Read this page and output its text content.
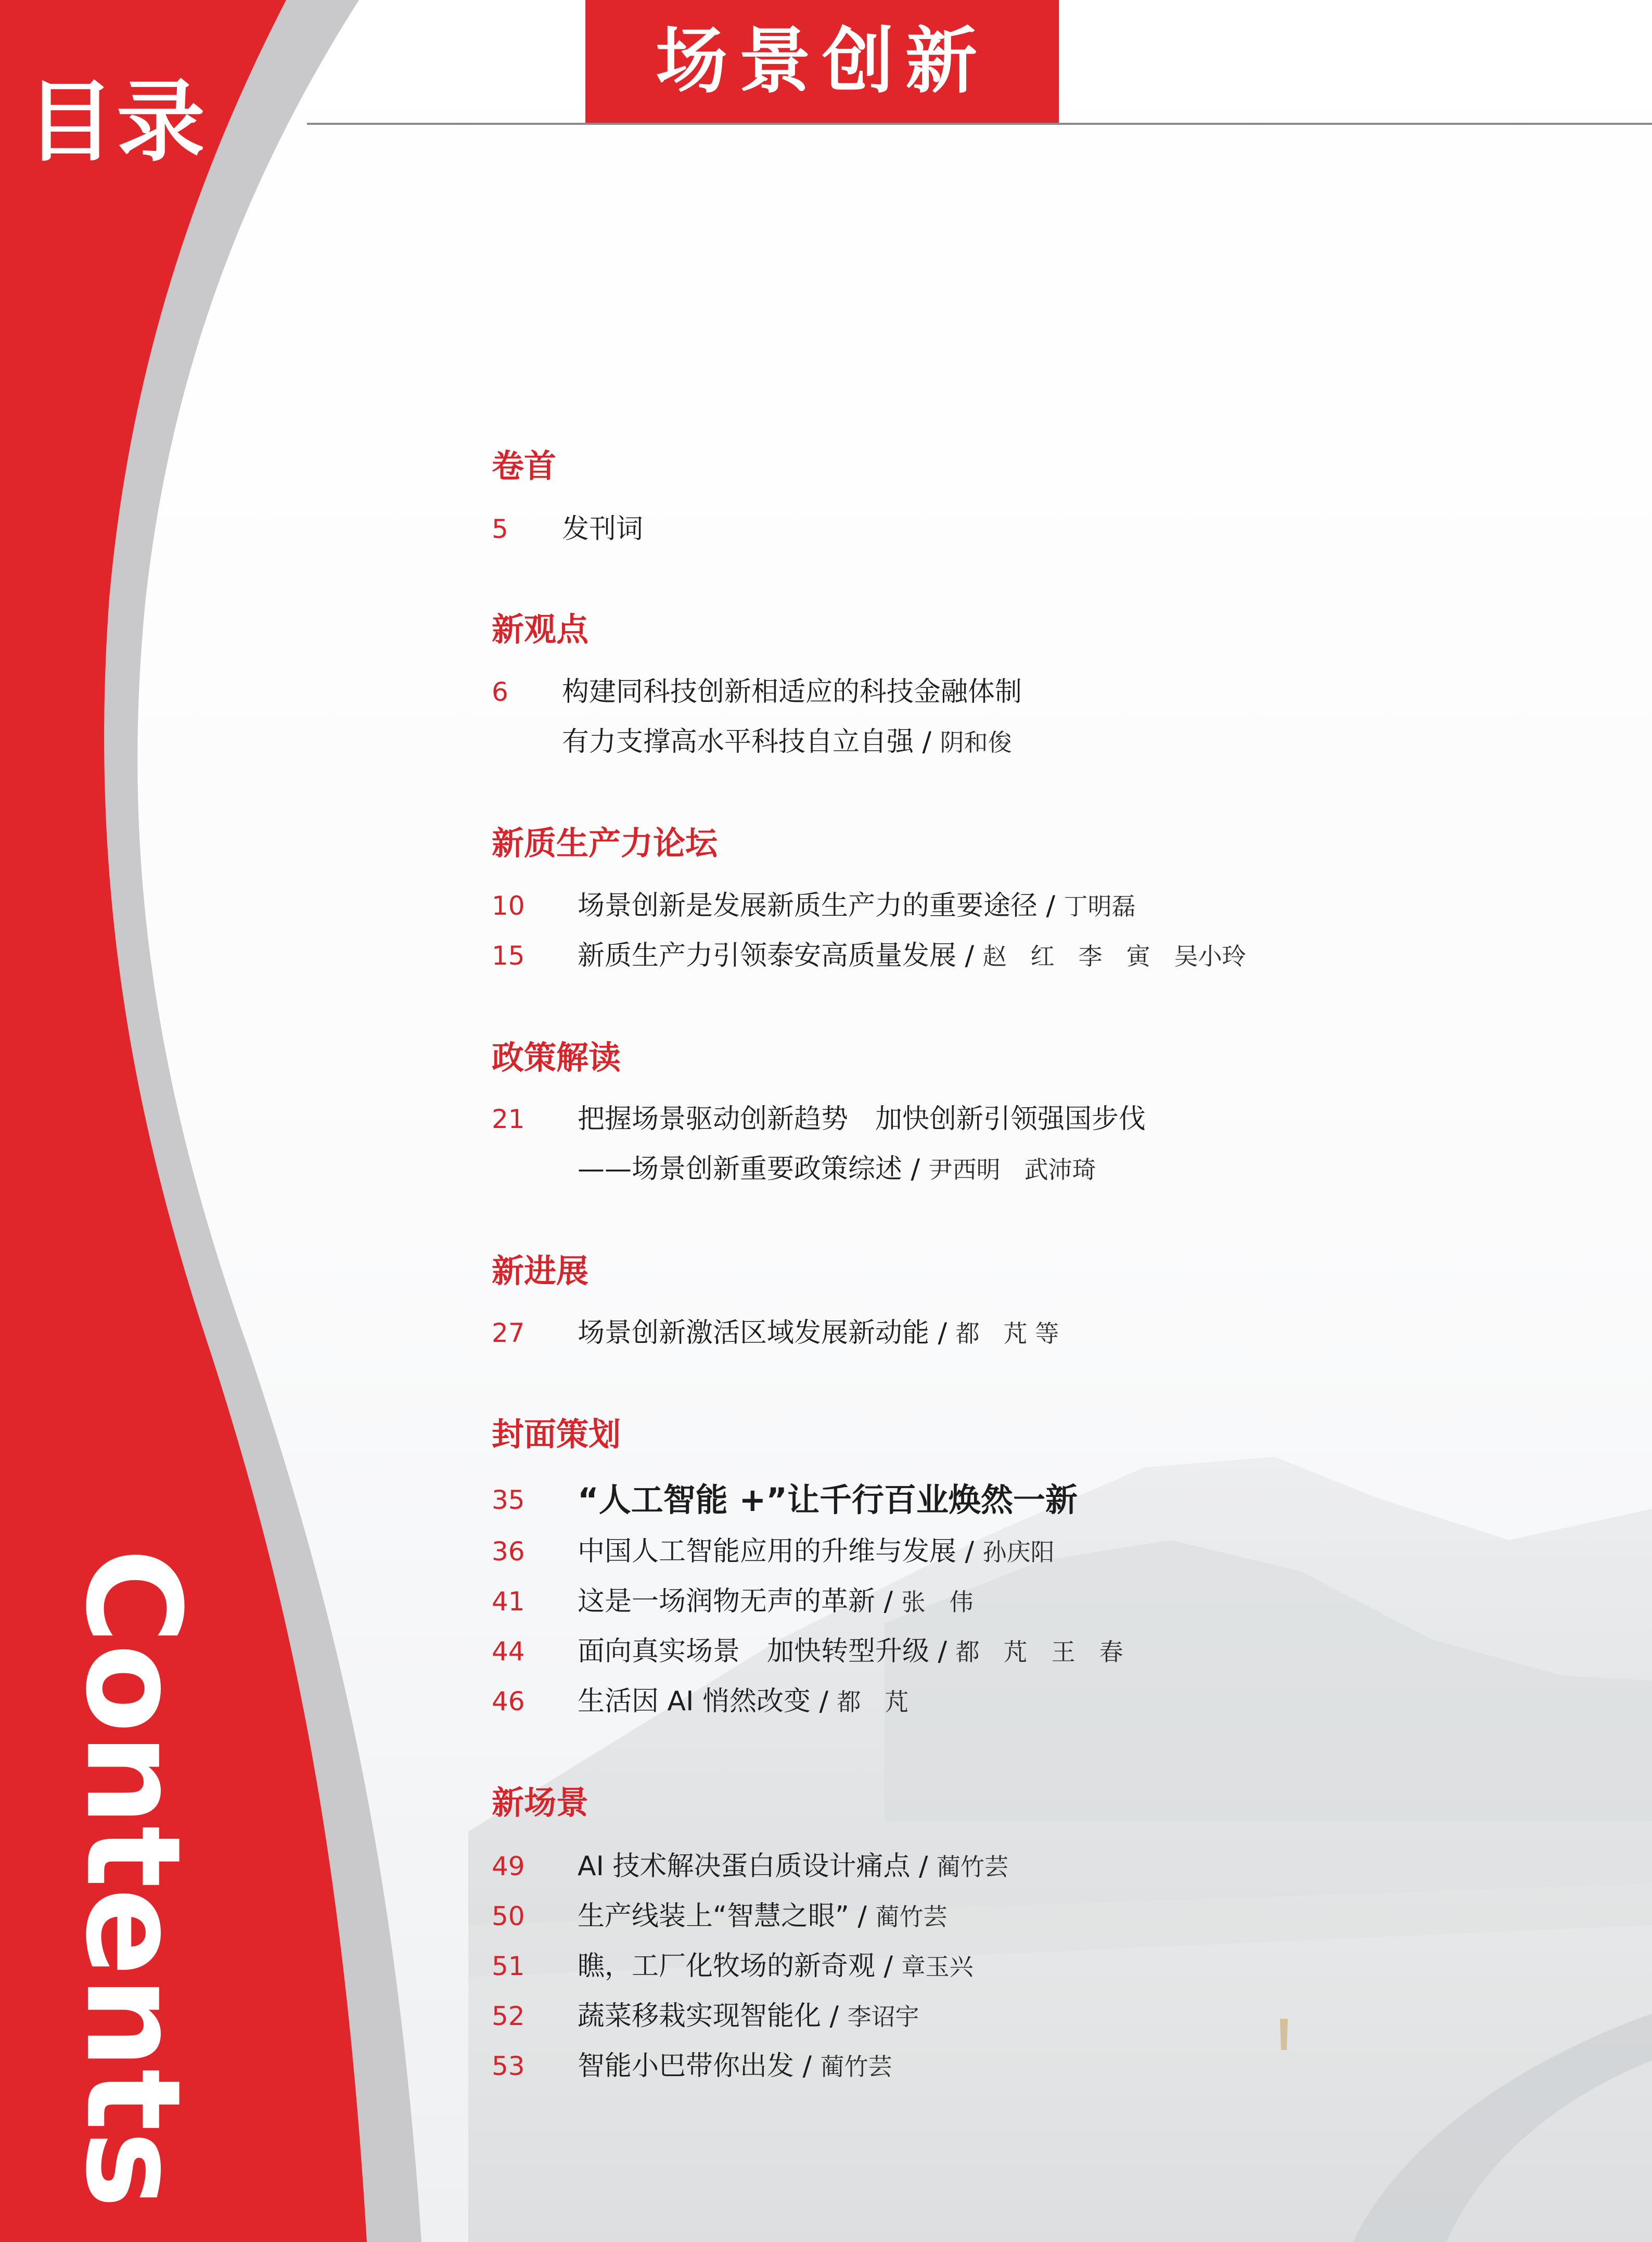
目录
Contents
场景创新
卷首
5 发刊词
新观点
6 构建同科技创新相适应的科技金融体制
有力支撑高水平科技自立自强 / 阴和俊
新质生产力论坛
10 场景创新是发展新质生产力的重要途径 / 丁明磊
15 新质生产力引领泰安高质量发展 / 赵　红　李　寅　吴小玲
政策解读
21 把握场景驱动创新趋势　加快创新引领强国步伐
——场景创新重要政策综述 / 尹西明　武沛琦
新进展
27 场景创新激活区域发展新动能 / 都　芃 等
封面策划
35 “人工智能 +”让千行百业焕然一新
36 中国人工智能应用的升维与发展 / 孙庆阳
41 这是一场润物无声的革新 / 张　伟
44 面向真实场景　加快转型升级 / 都　芃　王　春
46 生活因 AI 悄然改变 / 都　芃
新场景
49 AI 技术解决蛋白质设计痛点 / 蔺竹芸
50 生产线装上“智慧之眼” / 蔺竹芸
51 瞧，工厂化牧场的新奇观 / 章玉兴
52 蔬菜移栽实现智能化 / 李诏宇
53 智能小巴带你出发 / 蔺竹芸
